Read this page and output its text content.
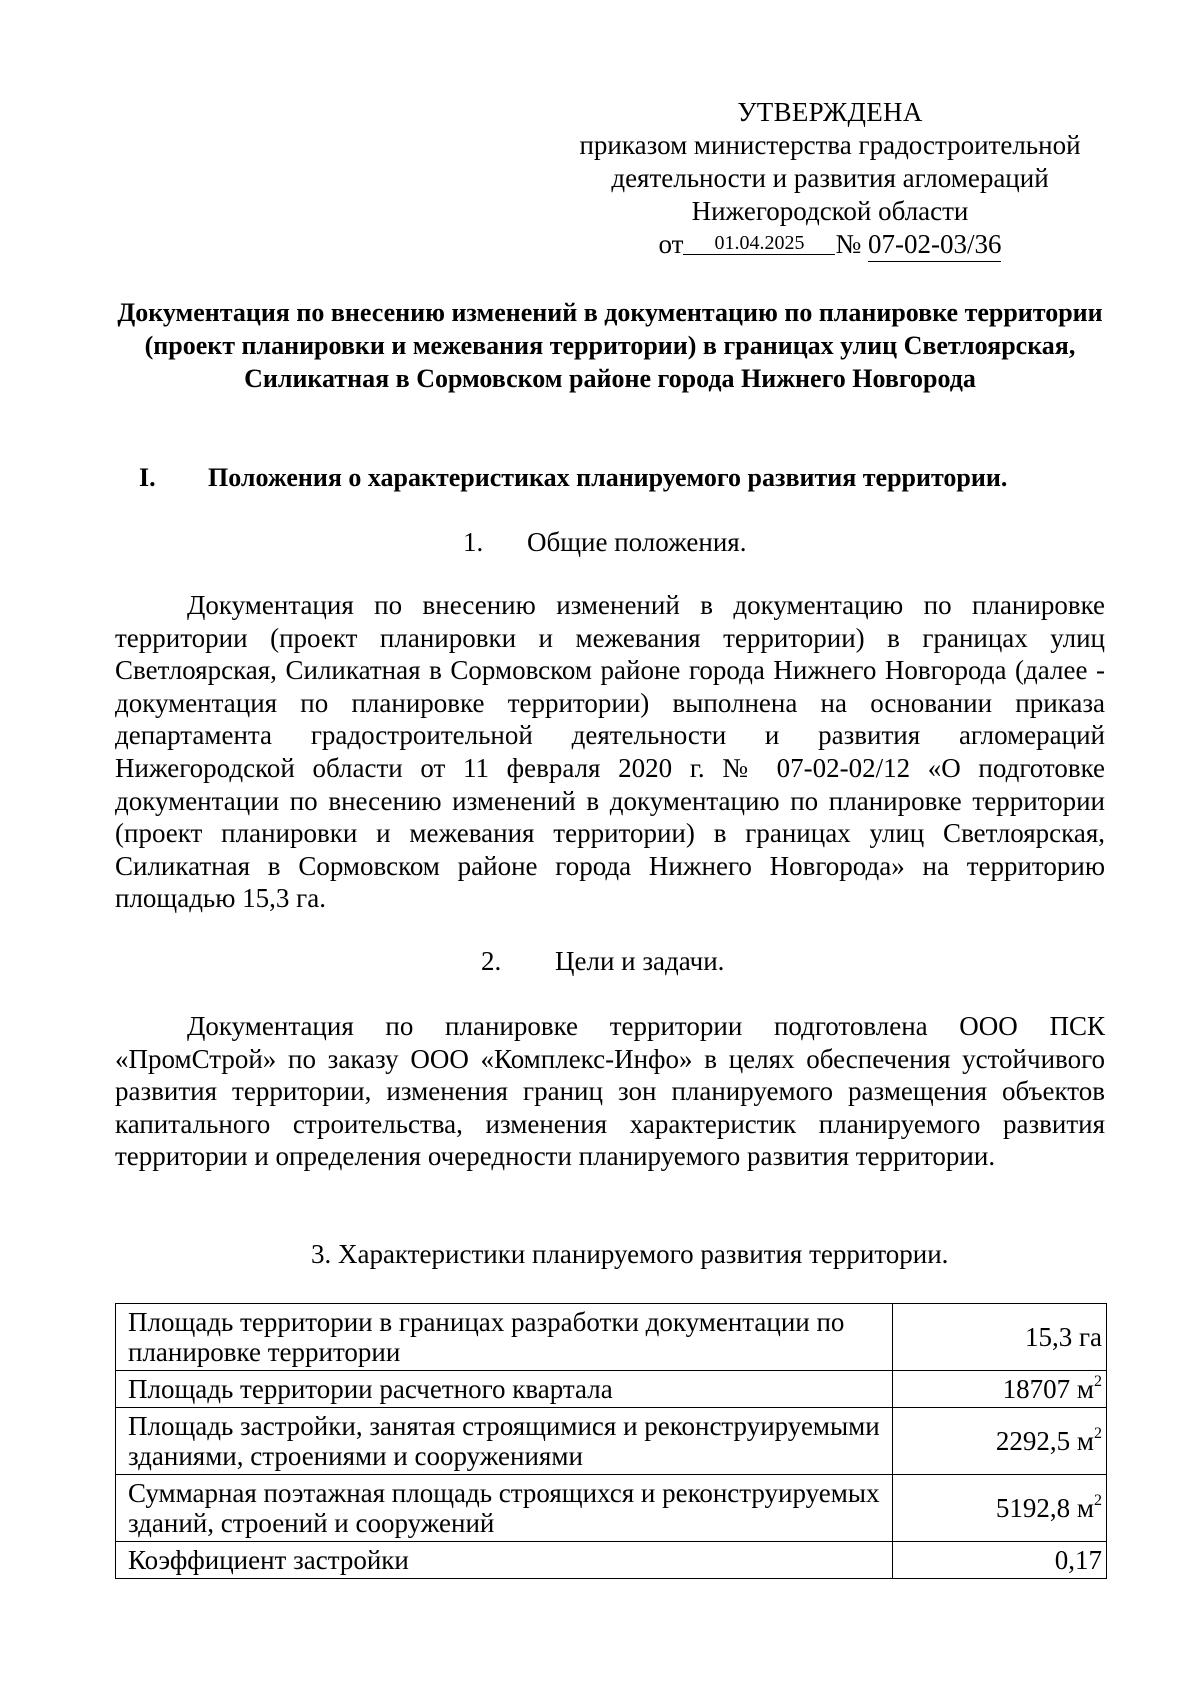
УТВЕРЖДЕНА
приказом министерства градостроительной
деятельности и развития агломераций
Нижегородской области
от	01.04.2025	№
07-02-03/36
Документация по внесению изменений в документацию по планировке территории (проект планировки и межевания территории) в границах улиц Светлоярская, Силикатная в Сормовском районе города Нижнего Новгорода
I. Положения о характеристиках планируемого развития территории.
1. Общие положения.
Документация по внесению изменений в документацию по планировке территории (проект планировки и межевания территории) в границах улиц Светлоярская, Силикатная в Сормовском районе города Нижнего Новгорода (далее - документация по планировке территории) выполнена на основании приказа департамента градостроительной деятельности и развития агломераций Нижегородской области от 11 февраля 2020 г. № 07-02-02/12 «О подготовке документации по внесению изменений в документацию по планировке территории (проект планировки и межевания территории) в границах улиц Светлоярская, Силикатная в Сормовском районе города Нижнего Новгорода» на территорию площадью 15,3 га.
2. Цели и задачи.
Документация по планировке территории подготовлена ООО ПСК «ПромСтрой» по заказу ООО «Комплекс-Инфо» в целях обеспечения устойчивого развития территории, изменения границ зон планируемого размещения объектов капитального строительства, изменения характеристик планируемого развития территории и определения очередности планируемого развития территории.
3. Характеристики планируемого развития территории.
Площадь территории в границах разработки документации по планировке территории	15,3 га
Площадь территории расчетного квартала	18707 $м^2$
Площадь застройки, занятая строящимися и реконструируемыми зданиями, строениями и сооружениями	2292,5 $м^2$
Суммарная поэтажная площадь строящихся и реконструируемых зданий, строений и сооружений	5192,8 $м^2$
Коэффициент застройки	0,17
